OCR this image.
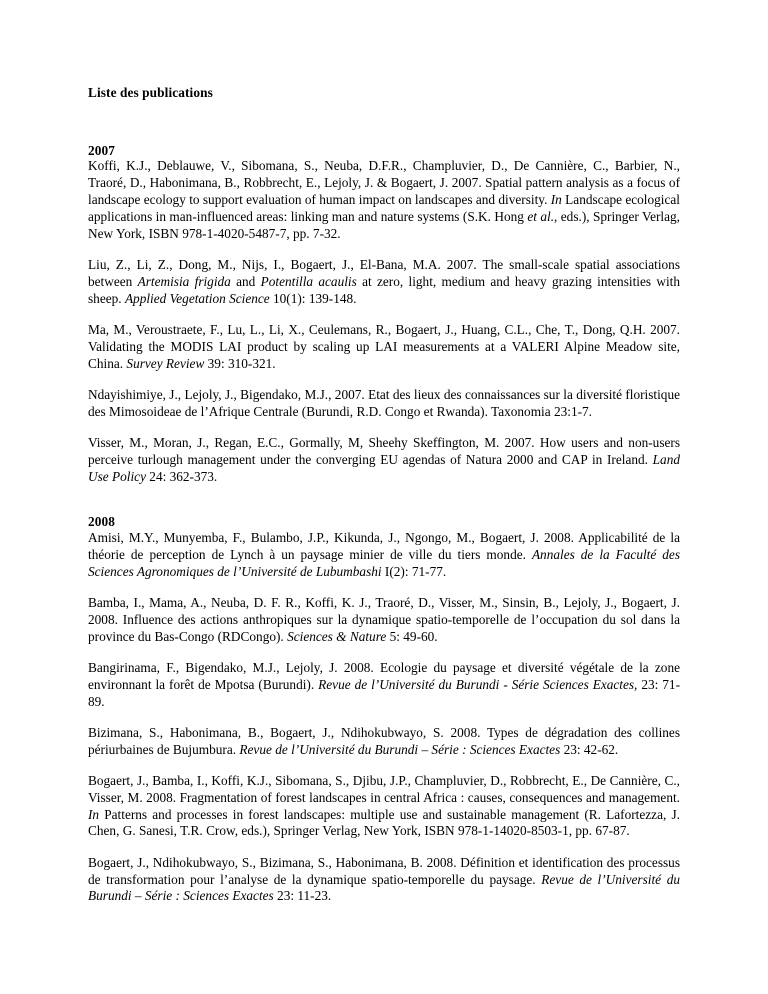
Liste des publications
2007

Koffi, K.J., Deblauwe, V., Sibomana, S., Neuba, D.F.R., Champluvier, D., De Cannière, C., Barbier, N., Traoré, D., Habonimana, B., Robbrecht, E., Lejoly, J. & Bogaert, J. 2007. Spatial pattern analysis as a focus of landscape ecology to support evaluation of human impact on landscapes and diversity. In Landscape ecological applications in man-influenced areas: linking man and nature systems (S.K. Hong et al., eds.), Springer Verlag, New York, ISBN 978-1-4020-5487-7, pp. 7-32.

Liu, Z., Li, Z., Dong, M., Nijs, I., Bogaert, J., El-Bana, M.A. 2007. The small-scale spatial associations between Artemisia frigida and Potentilla acaulis at zero, light, medium and heavy grazing intensities with sheep. Applied Vegetation Science 10(1): 139-148.

Ma, M., Veroustraete, F., Lu, L., Li, X., Ceulemans, R., Bogaert, J., Huang, C.L., Che, T., Dong, Q.H. 2007. Validating the MODIS LAI product by scaling up LAI measurements at a VALERI Alpine Meadow site, China. Survey Review 39: 310-321.

Ndayishimiye, J., Lejoly, J., Bigendako, M.J., 2007. Etat des lieux des connaissances sur la diversité floristique des Mimosoideae de l’Afrique Centrale (Burundi, R.D. Congo et Rwanda). Taxonomia 23:1-7.

Visser, M., Moran, J., Regan, E.C., Gormally, M, Sheehy Skeffington, M. 2007. How users and non-users perceive turlough management under the converging EU agendas of Natura 2000 and CAP in Ireland. Land Use Policy 24: 362-373.

2008

Amisi, M.Y., Munyemba, F., Bulambo, J.P., Kikunda, J., Ngongo, M., Bogaert, J. 2008. Applicabilité de la théorie de perception de Lynch à un paysage minier de ville du tiers monde. Annales de la Faculté des Sciences Agronomiques de l’Université de Lubumbashi I(2): 71-77.

Bamba, I., Mama, A., Neuba, D. F. R., Koffi, K. J., Traoré, D., Visser, M., Sinsin, B., Lejoly, J., Bogaert, J. 2008. Influence des actions anthropiques sur la dynamique spatio-temporelle de l’occupation du sol dans la province du Bas-Congo (RDCongo). Sciences & Nature 5: 49-60.

Bangirinama, F., Bigendako, M.J., Lejoly, J. 2008. Ecologie du paysage et diversité végétale de la zone environnant la forêt de Mpotsa (Burundi). Revue de l’Université du Burundi - Série Sciences Exactes, 23: 71-89.

Bizimana, S., Habonimana, B., Bogaert, J., Ndihokubwayo, S. 2008. Types de dégradation des collines périurbaines de Bujumbura. Revue de l’Université du Burundi – Série : Sciences Exactes 23: 42-62.

Bogaert, J., Bamba, I., Koffi, K.J., Sibomana, S., Djibu, J.P., Champluvier, D., Robbrecht, E., De Cannière, C., Visser, M. 2008. Fragmentation of forest landscapes in central Africa : causes, consequences and management. In Patterns and processes in forest landscapes: multiple use and sustainable management (R. Lafortezza, J. Chen, G. Sanesi, T.R. Crow, eds.), Springer Verlag, New York, ISBN 978-1-14020-8503-1, pp. 67-87.

Bogaert, J., Ndihokubwayo, S., Bizimana, S., Habonimana, B. 2008. Définition et identification des processus de transformation pour l’analyse de la dynamique spatio-temporelle du paysage. Revue de l’Université du Burundi – Série : Sciences Exactes 23: 11-23.
